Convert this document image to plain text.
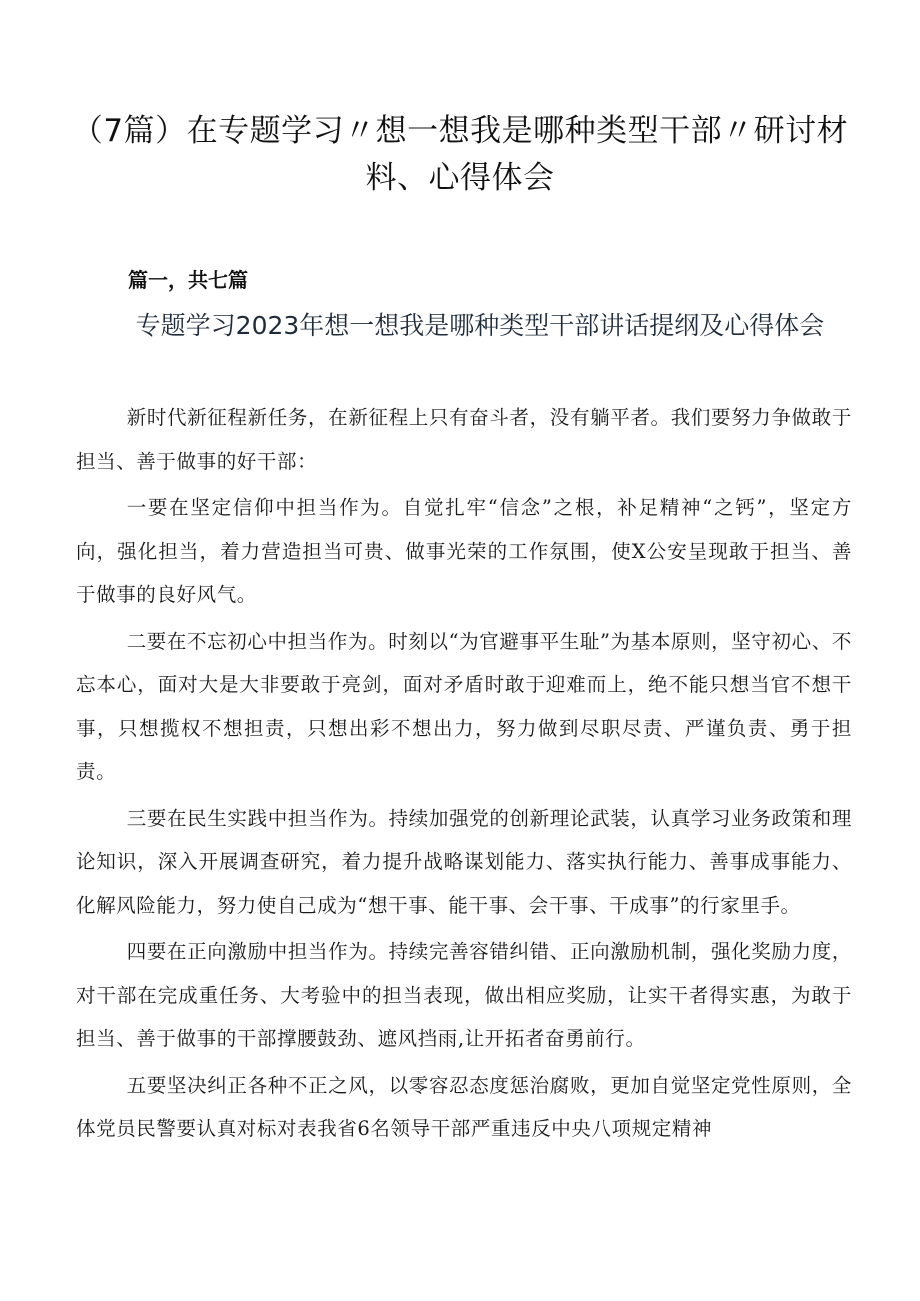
（7篇）在专题学习〃想一想我是哪种类型干部〃研讨材料、心得体会
篇一，共七篇
专题学习2023年想一想我是哪种类型干部讲话提纲及心得体会

新时代新征程新任务，在新征程上只有奋斗者，没有躺平者。我们要努力争做敢于担当、善于做事的好干部：

一要在坚定信仰中担当作为。自觉扎牢“信念”之根，补足精神“之钙”，坚定方向，强化担当，着力营造担当可贵、做事光荣的工作氛围，使X公安呈现敢于担当、善于做事的良好风气。

二要在不忘初心中担当作为。时刻以“为官避事平生耻”为基本原则，坚守初心、不忘本心，面对大是大非要敢于亮剑，面对矛盾时敢于迎难而上，绝不能只想当官不想干事，只想揽权不想担责，只想出彩不想出力，努力做到尽职尽责、严谨负责、勇于担责。

三要在民生实践中担当作为。持续加强党的创新理论武装，认真学习业务政策和理论知识，深入开展调查研究，着力提升战略谋划能力、落实执行能力、善事成事能力、化解风险能力，努力使自己成为“想干事、能干事、会干事、干成事”的行家里手。

四要在正向激励中担当作为。持续完善容错纠错、正向激励机制，强化奖励力度，对干部在完成重任务、大考验中的担当表现，做出相应奖励，让实干者得实惠，为敢于担当、善于做事的干部撑腰鼓劲、遮风挡雨,让开拓者奋勇前行。

五要坚决纠正各种不正之风，以零容忍态度惩治腐败，更加自觉坚定党性原则，全体党员民警要认真对标对表我省6名领导干部严重违反中央八项规定精神
